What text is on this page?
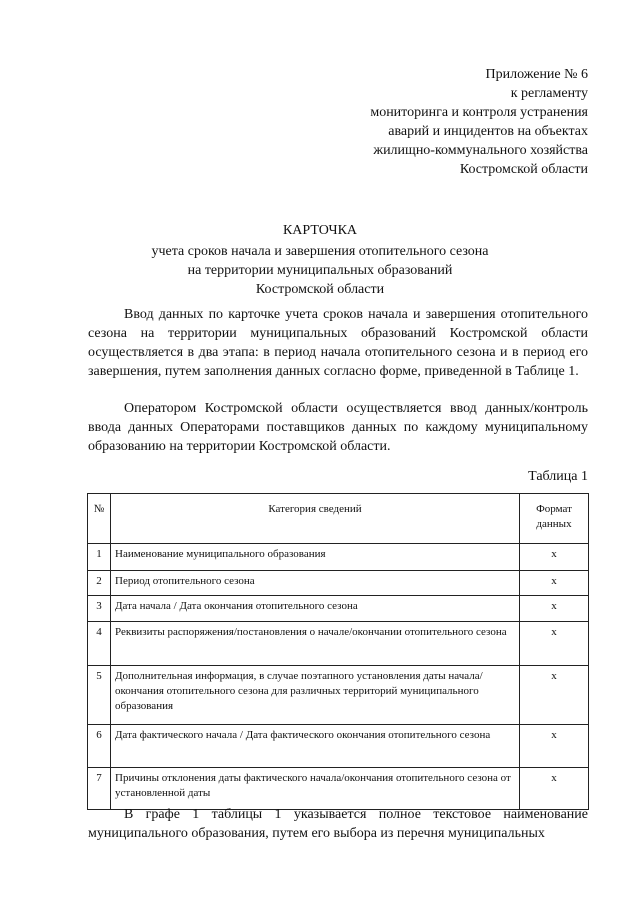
Приложение № 6
к регламенту
мониторинга и контроля устранения
аварий и инцидентов на объектах
жилищно-коммунального хозяйства
Костромской области
КАРТОЧКА
учета сроков начала и завершения отопительного сезона
на территории муниципальных образований
Костромской области
Ввод данных по карточке учета сроков начала и завершения отопительного сезона на территории муниципальных образований Костромской области осуществляется в два этапа: в период начала отопительного сезона и в период его завершения, путем заполнения данных согласно форме, приведенной в Таблице 1.
Оператором Костромской области осуществляется ввод данных/контроль ввода данных Операторами поставщиков данных по каждому муниципальному образованию на территории Костромской области.
Таблица 1
№	Категория сведений	Формат данных
1	Наименование муниципального образования	x
2	Период отопительного сезона	x
3	Дата начала / Дата окончания отопительного сезона	x
4	Реквизиты распоряжения/постановления о начале/окончании отопительного сезона	x
5	Дополнительная информация, в случае поэтапного установления даты начала/окончания отопительного сезона для различных территорий муниципального образования	x
6	Дата фактического начала / Дата фактического окончания отопительного сезона	x
7	Причины отклонения даты фактического начала/окончания отопительного сезона от установленной даты	x
В графе 1 таблицы 1 указывается полное текстовое наименование муниципального образования, путем его выбора из перечня муниципальных
